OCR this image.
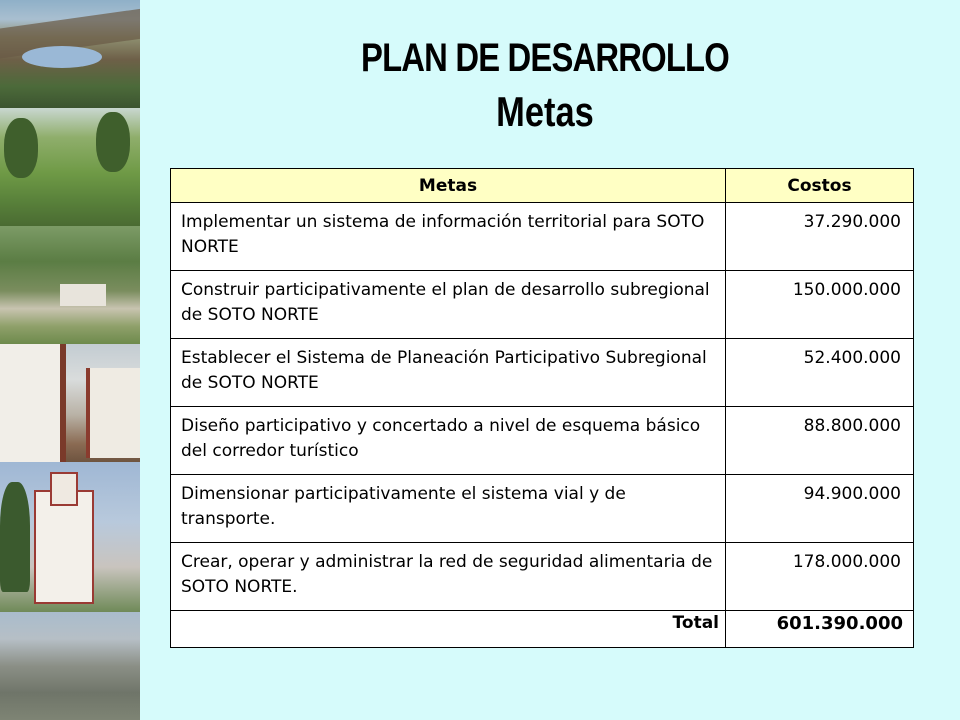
PLAN DE DESARROLLO
Metas
Metas	Costos
Implementar un sistema de información territorial para SOTO NORTE	37.290.000
Construir participativamente el plan de desarrollo subregional de SOTO NORTE	150.000.000
Establecer el Sistema de Planeación Participativo Subregional de SOTO NORTE	52.400.000
Diseño participativo y concertado a nivel de esquema básico del corredor turístico	88.800.000
Dimensionar participativamente el sistema vial y de transporte.	94.900.000
Crear, operar y administrar la red de seguridad alimentaria de SOTO NORTE.	178.000.000
Total	601.390.000
